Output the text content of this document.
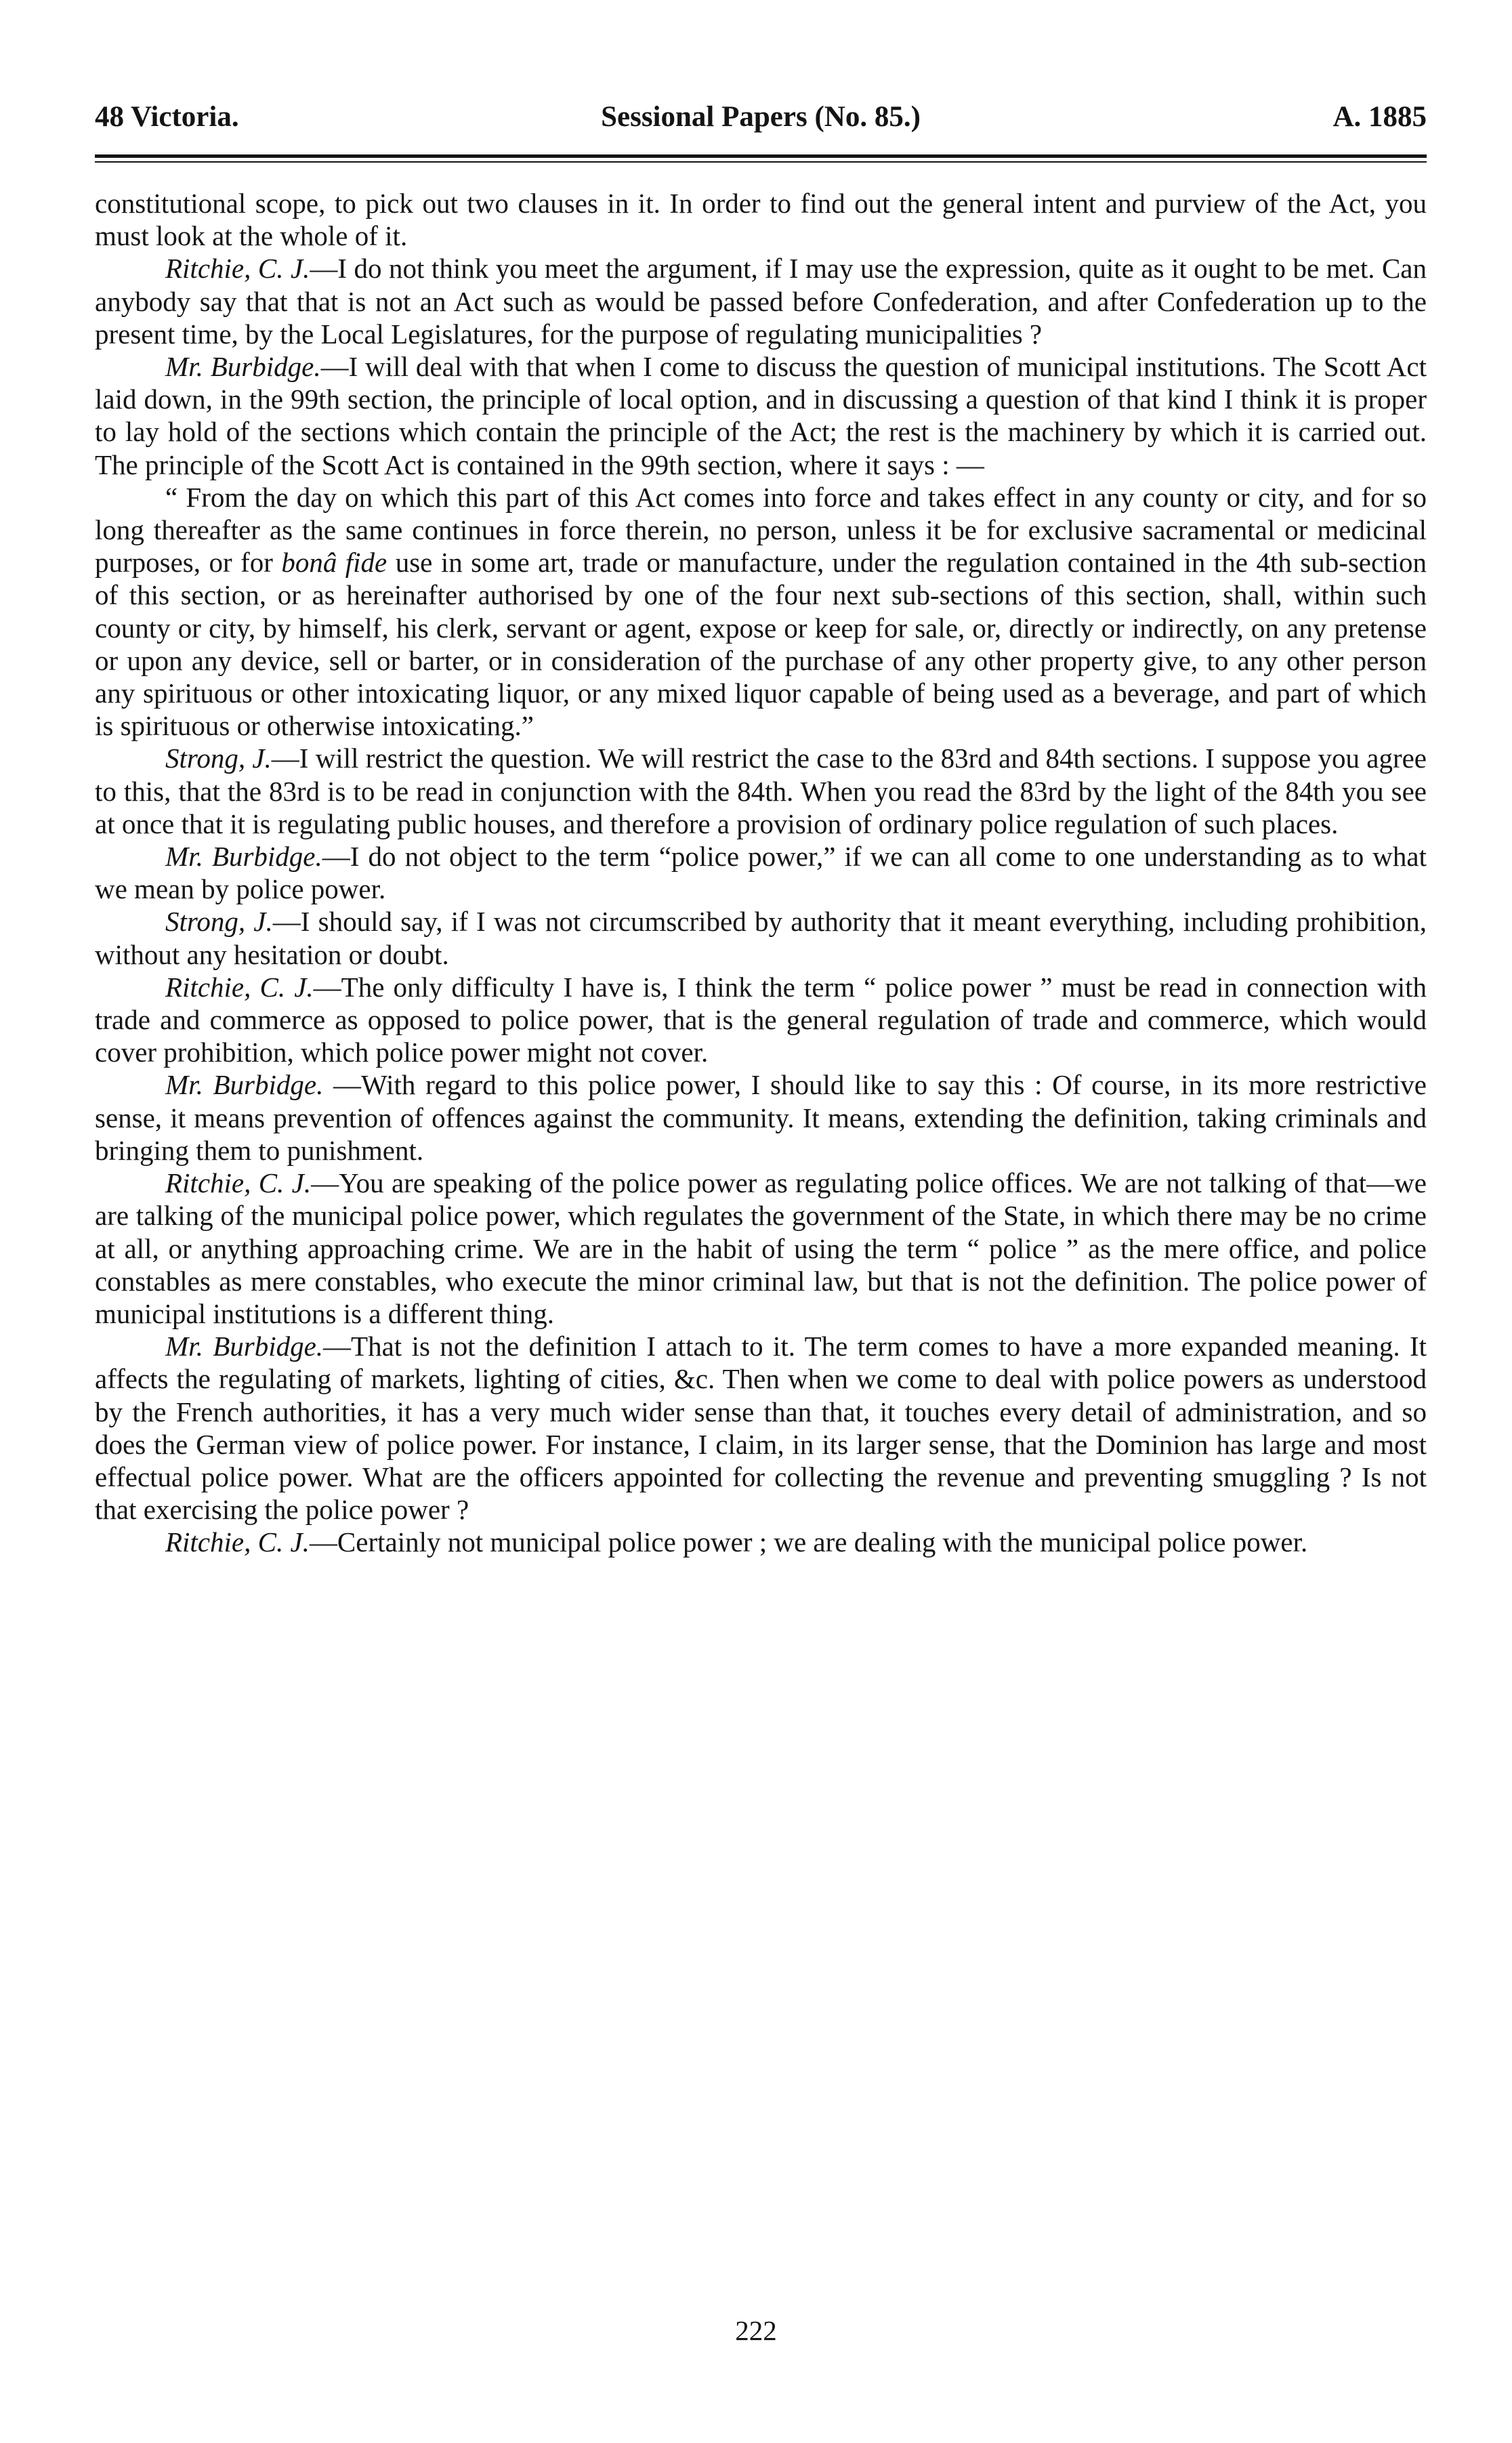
48 Victoria.	Sessional Papers (No. 85.)	A. 1885

constitutional scope, to pick out two clauses in it. In order to find out the general intent and purview of the Act, you must look at the whole of it.

Ritchie, C. J.—I do not think you meet the argument, if I may use the expression, quite as it ought to be met. Can anybody say that that is not an Act such as would be passed before Confederation, and after Confederation up to the present time, by the Local Legislatures, for the purpose of regulating municipalities ?

Mr. Burbidge.—I will deal with that when I come to discuss the question of municipal institutions. The Scott Act laid down, in the 99th section, the principle of local option, and in discussing a question of that kind I think it is proper to lay hold of the sections which contain the principle of the Act; the rest is the machinery by which it is carried out. The principle of the Scott Act is contained in the 99th section, where it says : —

“ From the day on which this part of this Act comes into force and takes effect in any county or city, and for so long thereafter as the same continues in force therein, no person, unless it be for exclusive sacramental or medicinal purposes, or for bonâ fide use in some art, trade or manufacture, under the regulation contained in the 4th sub-section of this section, or as hereinafter authorised by one of the four next sub-sections of this section, shall, within such county or city, by himself, his clerk, servant or agent, expose or keep for sale, or, directly or indirectly, on any pretense or upon any device, sell or barter, or in consideration of the purchase of any other property give, to any other person any spirituous or other intoxicating liquor, or any mixed liquor capable of being used as a beverage, and part of which is spirituous or otherwise intoxicating.”

Strong, J.—I will restrict the question. We will restrict the case to the 83rd and 84th sections. I suppose you agree to this, that the 83rd is to be read in conjunction with the 84th. When you read the 83rd by the light of the 84th you see at once that it is regulating public houses, and therefore a provision of ordinary police regulation of such places.

Mr. Burbidge.—I do not object to the term “police power,” if we can all come to one understanding as to what we mean by police power.

Strong, J.—I should say, if I was not circumscribed by authority that it meant everything, including prohibition, without any hesitation or doubt.

Ritchie, C. J.—The only difficulty I have is, I think the term “ police power ” must be read in connection with trade and commerce as opposed to police power, that is the general regulation of trade and commerce, which would cover prohibition, which police power might not cover.

Mr. Burbidge. —With regard to this police power, I should like to say this : Of course, in its more restrictive sense, it means prevention of offences against the community. It means, extending the definition, taking criminals and bringing them to punishment.

Ritchie, C. J.—You are speaking of the police power as regulating police offices. We are not talking of that—we are talking of the municipal police power, which regulates the government of the State, in which there may be no crime at all, or anything approaching crime. We are in the habit of using the term “ police ” as the mere office, and police constables as mere constables, who execute the minor criminal law, but that is not the definition. The police power of municipal institutions is a different thing.

Mr. Burbidge.—That is not the definition I attach to it. The term comes to have a more expanded meaning. It affects the regulating of markets, lighting of cities, &c. Then when we come to deal with police powers as understood by the French authorities, it has a very much wider sense than that, it touches every detail of administration, and so does the German view of police power. For instance, I claim, in its larger sense, that the Dominion has large and most effectual police power. What are the officers appointed for collecting the revenue and preventing smuggling ? Is not that exercising the police power ?

Ritchie, C. J.—Certainly not municipal police power ; we are dealing with the municipal police power.

222
